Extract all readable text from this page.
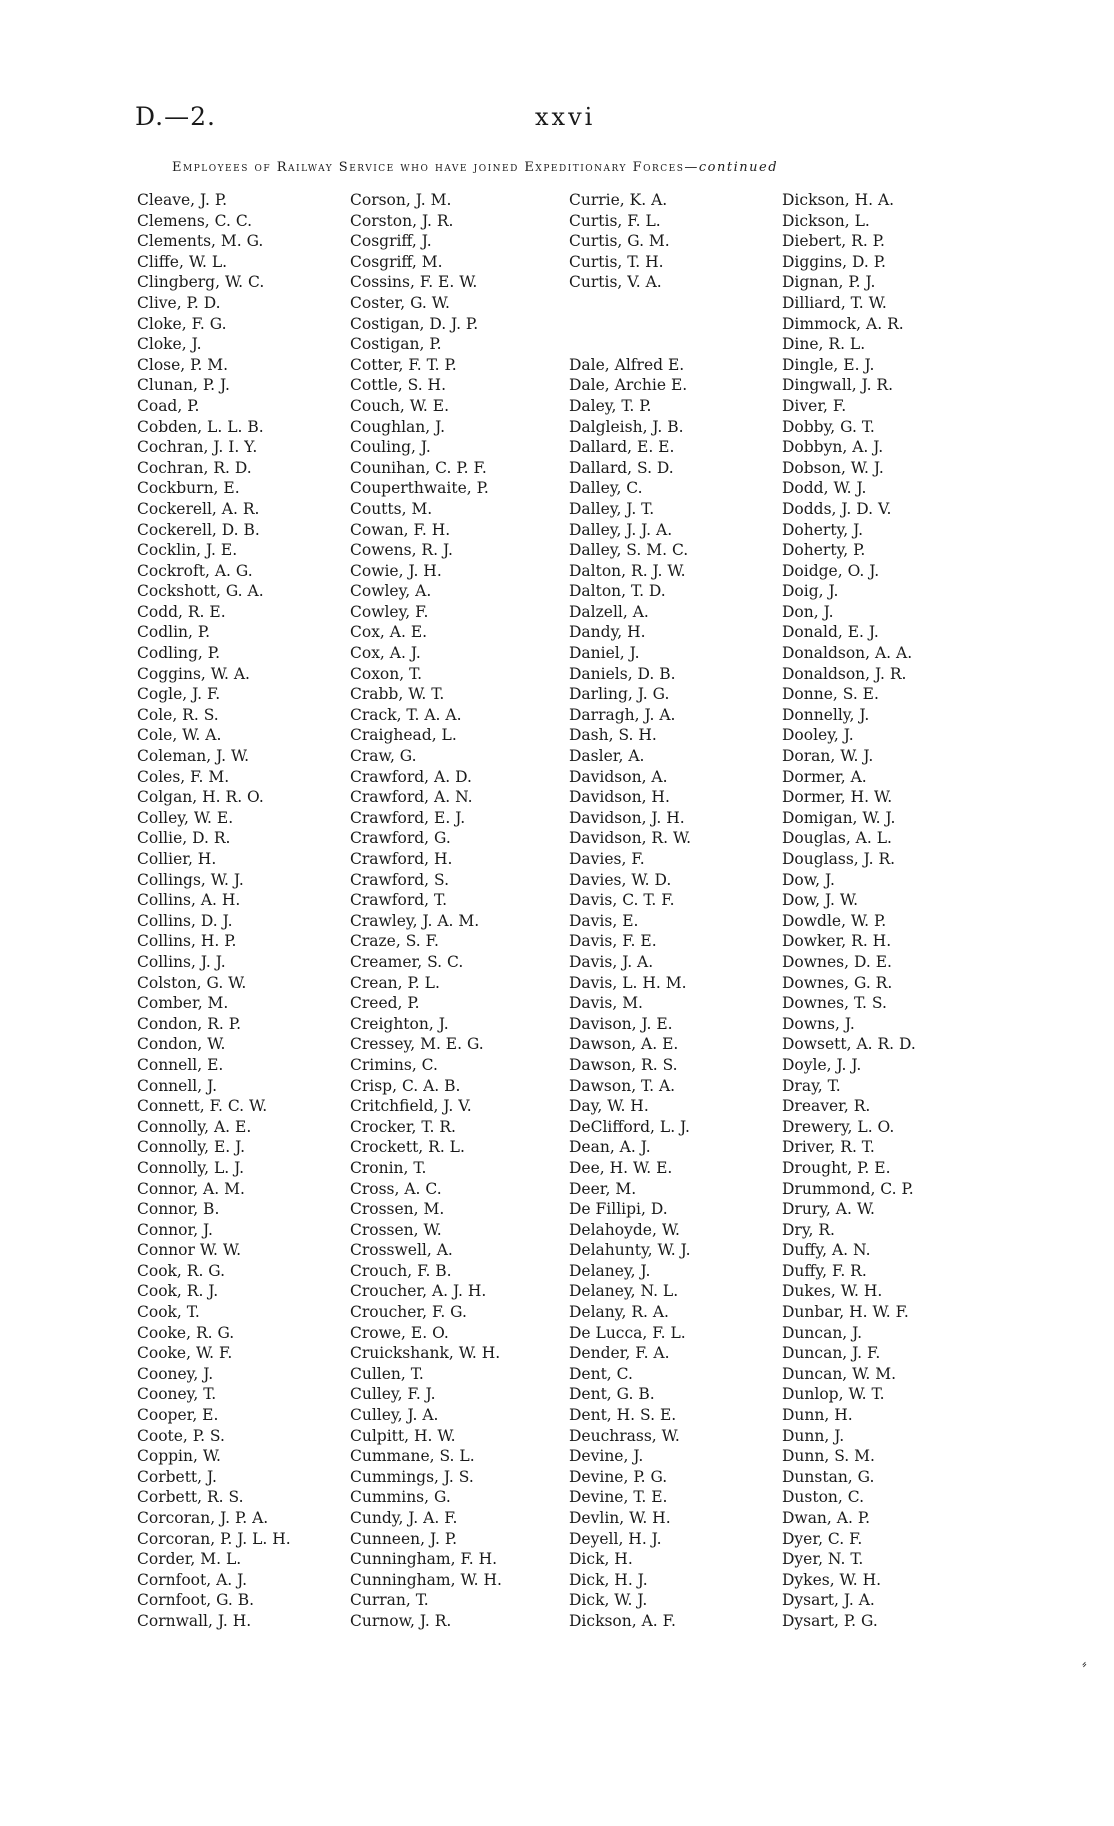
D.—2.	xxvi
Employees of Railway Service who have joined Expeditionary Forces—continued
Cleave, J. P.
Clemens, C. C.
Clements, M. G.
Cliffe, W. L.
Clingberg, W. C.
Clive, P. D.
Cloke, F. G.
Cloke, J.
Close, P. M.
Clunan, P. J.
Coad, P.
Cobden, L. L. B.
Cochran, J. I. Y.
Cochran, R. D.
Cockburn, E.
Cockerell, A. R.
Cockerell, D. B.
Cocklin, J. E.
Cockroft, A. G.
Cockshott, G. A.
Codd, R. E.
Codlin, P.
Codling, P.
Coggins, W. A.
Cogle, J. F.
Cole, R. S.
Cole, W. A.
Coleman, J. W.
Coles, F. M.
Colgan, H. R. O.
Colley, W. E.
Collie, D. R.
Collier, H.
Collings, W. J.
Collins, A. H.
Collins, D. J.
Collins, H. P.
Collins, J. J.
Colston, G. W.
Comber, M.
Condon, R. P.
Condon, W.
Connell, E.
Connell, J.
Connett, F. C. W.
Connolly, A. E.
Connolly, E. J.
Connolly, L. J.
Connor, A. M.
Connor, B.
Connor, J.
Connor W. W.
Cook, R. G.
Cook, R. J.
Cook, T.
Cooke, R. G.
Cooke, W. F.
Cooney, J.
Cooney, T.
Cooper, E.
Coote, P. S.
Coppin, W.
Corbett, J.
Corbett, R. S.
Corcoran, J. P. A.
Corcoran, P. J. L. H.
Corder, M. L.
Cornfoot, A. J.
Cornfoot, G. B.
Cornwall, J. H.
Corson, J. M.
Corston, J. R.
Cosgriff, J.
Cosgriff, M.
Cossins, F. E. W.
Coster, G. W.
Costigan, D. J. P.
Costigan, P.
Cotter, F. T. P.
Cottle, S. H.
Couch, W. E.
Coughlan, J.
Couling, J.
Counihan, C. P. F.
Couperthwaite, P.
Coutts, M.
Cowan, F. H.
Cowens, R. J.
Cowie, J. H.
Cowley, A.
Cowley, F.
Cox, A. E.
Cox, A. J.
Coxon, T.
Crabb, W. T.
Crack, T. A. A.
Craighead, L.
Craw, G.
Crawford, A. D.
Crawford, A. N.
Crawford, E. J.
Crawford, G.
Crawford, H.
Crawford, S.
Crawford, T.
Crawley, J. A. M.
Craze, S. F.
Creamer, S. C.
Crean, P. L.
Creed, P.
Creighton, J.
Cressey, M. E. G.
Crimins, C.
Crisp, C. A. B.
Critchfield, J. V.
Crocker, T. R.
Crockett, R. L.
Cronin, T.
Cross, A. C.
Crossen, M.
Crossen, W.
Crosswell, A.
Crouch, F. B.
Croucher, A. J. H.
Croucher, F. G.
Crowe, E. O.
Cruickshank, W. H.
Cullen, T.
Culley, F. J.
Culley, J. A.
Culpitt, H. W.
Cummane, S. L.
Cummings, J. S.
Cummins, G.
Cundy, J. A. F.
Cunneen, J. P.
Cunningham, F. H.
Cunningham, W. H.
Curran, T.
Curnow, J. R.
Currie, K. A.
Curtis, F. L.
Curtis, G. M.
Curtis, T. H.
Curtis, V. A.
Dale, Alfred E.
Dale, Archie E.
Daley, T. P.
Dalgleish, J. B.
Dallard, E. E.
Dallard, S. D.
Dalley, C.
Dalley, J. T.
Dalley, J. J. A.
Dalley, S. M. C.
Dalton, R. J. W.
Dalton, T. D.
Dalzell, A.
Dandy, H.
Daniel, J.
Daniels, D. B.
Darling, J. G.
Darragh, J. A.
Dash, S. H.
Dasler, A.
Davidson, A.
Davidson, H.
Davidson, J. H.
Davidson, R. W.
Davies, F.
Davies, W. D.
Davis, C. T. F.
Davis, E.
Davis, F. E.
Davis, J. A.
Davis, L. H. M.
Davis, M.
Davison, J. E.
Dawson, A. E.
Dawson, R. S.
Dawson, T. A.
Day, W. H.
DeClifford, L. J.
Dean, A. J.
Dee, H. W. E.
Deer, M.
De Fillipi, D.
Delahoyde, W.
Delahunty, W. J.
Delaney, J.
Delaney, N. L.
Delany, R. A.
De Lucca, F. L.
Dender, F. A.
Dent, C.
Dent, G. B.
Dent, H. S. E.
Deuchrass, W.
Devine, J.
Devine, P. G.
Devine, T. E.
Devlin, W. H.
Deyell, H. J.
Dick, H.
Dick, H. J.
Dick, W. J.
Dickson, A. F.
Dickson, H. A.
Dickson, L.
Diebert, R. P.
Diggins, D. P.
Dignan, P. J.
Dilliard, T. W.
Dimmock, A. R.
Dine, R. L.
Dingle, E. J.
Dingwall, J. R.
Diver, F.
Dobby, G. T.
Dobbyn, A. J.
Dobson, W. J.
Dodd, W. J.
Dodds, J. D. V.
Doherty, J.
Doherty, P.
Doidge, O. J.
Doig, J.
Don, J.
Donald, E. J.
Donaldson, A. A.
Donaldson, J. R.
Donne, S. E.
Donnelly, J.
Dooley, J.
Doran, W. J.
Dormer, A.
Dormer, H. W.
Domigan, W. J.
Douglas, A. L.
Douglass, J. R.
Dow, J.
Dow, J. W.
Dowdle, W. P.
Dowker, R. H.
Downes, D. E.
Downes, G. R.
Downes, T. S.
Downs, J.
Dowsett, A. R. D.
Doyle, J. J.
Dray, T.
Dreaver, R.
Drewery, L. O.
Driver, R. T.
Drought, P. E.
Drummond, C. P.
Drury, A. W.
Dry, R.
Duffy, A. N.
Duffy, F. R.
Dukes, W. H.
Dunbar, H. W. F.
Duncan, J.
Duncan, J. F.
Duncan, W. M.
Dunlop, W. T.
Dunn, H.
Dunn, J.
Dunn, S. M.
Dunstan, G.
Duston, C.
Dwan, A. P.
Dyer, C. F.
Dyer, N. T.
Dykes, W. H.
Dysart, J. A.
Dysart, P. G.
⸗
